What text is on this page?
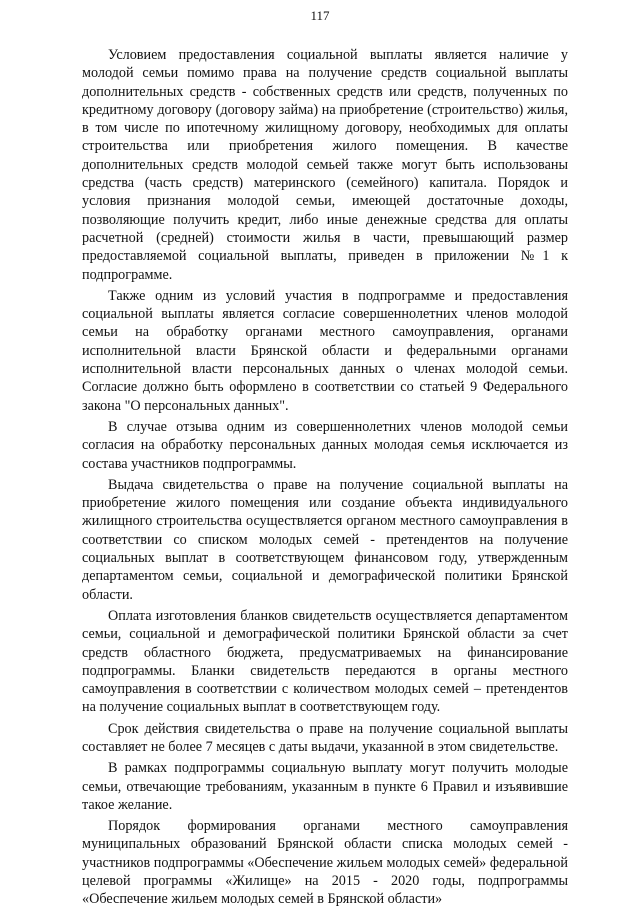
117

Условием предоставления социальной выплаты является наличие у молодой семьи помимо права на получение средств социальной выплаты дополнительных средств - собственных средств или средств, полученных по кредитному договору (договору займа) на приобретение (строительство) жилья, в том числе по ипотечному жилищному договору, необходимых для оплаты строительства или приобретения жилого помещения. В качестве дополнительных средств молодой семьей также могут быть использованы средства (часть средств) материнского (семейного) капитала. Порядок и условия признания молодой семьи, имеющей достаточные доходы, позволяющие получить кредит, либо иные денежные средства для оплаты расчетной (средней) стоимости жилья в части, превышающий размер предоставляемой социальной выплаты, приведен в приложении №1 к подпрограмме.

Также одним из условий участия в подпрограмме и предоставления социальной выплаты является согласие совершеннолетних членов молодой семьи на обработку органами местного самоуправления, органами исполнительной власти Брянской области и федеральными органами исполнительной власти персональных данных о членах молодой семьи. Согласие должно быть оформлено в соответствии со статьей 9 Федерального закона "О персональных данных".

В случае отзыва одним из совершеннолетних членов молодой семьи согласия на обработку персональных данных молодая семья исключается из состава участников подпрограммы.

Выдача свидетельства о праве на получение социальной выплаты на приобретение жилого помещения или создание объекта индивидуального жилищного строительства осуществляется органом местного самоуправления в соответствии со списком молодых семей - претендентов на получение социальных выплат в соответствующем финансовом году, утвержденным департаментом семьи, социальной и демографической политики Брянской области.

Оплата изготовления бланков свидетельств осуществляется департаментом семьи, социальной и демографической политики Брянской области за счет средств областного бюджета, предусматриваемых на финансирование подпрограммы. Бланки свидетельств передаются в органы местного самоуправления в соответствии с количеством молодых семей – претендентов на получение социальных выплат в соответствующем году.

Срок действия свидетельства о праве на получение социальной выплаты составляет не более 7 месяцев с даты выдачи, указанной в этом свидетельстве.

В рамках подпрограммы социальную выплату могут получить молодые семьи, отвечающие требованиям, указанным в пункте 6 Правил и изъявившие такое желание.

Порядок формирования органами местного самоуправления муниципальных образований Брянской области списка молодых семей - участников подпрограммы «Обеспечение жильем молодых семей» федеральной целевой программы «Жилище» на 2015 - 2020 годы, подпрограммы «Обеспечение жильем молодых семей в Брянской области»
